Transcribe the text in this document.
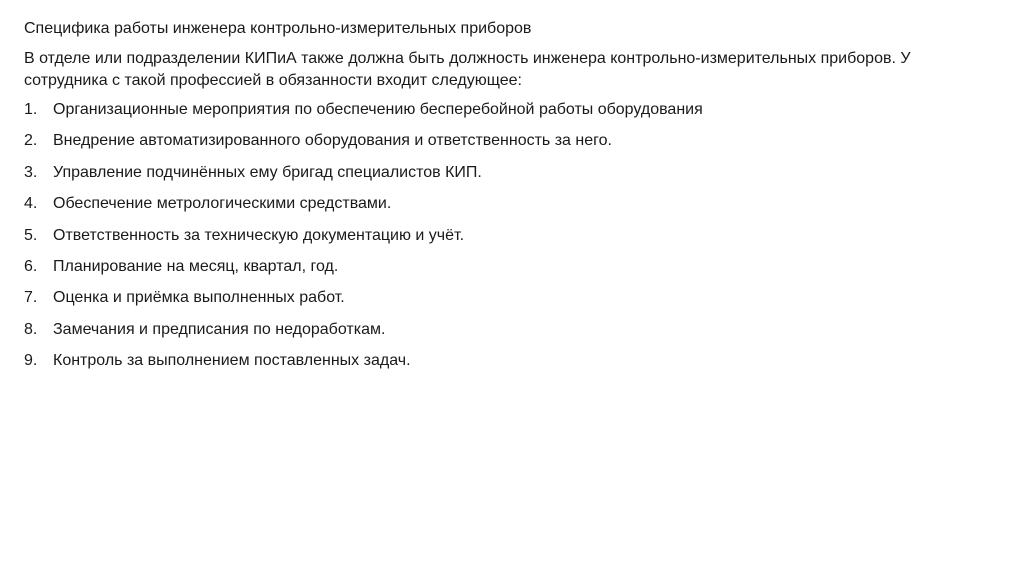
Специфика работы инженера контрольно-измерительных приборов
В отделе или подразделении КИПиА также должна быть должность инженера контрольно-измерительных приборов. У сотрудника с такой профессией в обязанности входит следующее:
1. Организационные мероприятия по обеспечению бесперебойной работы оборудования
2. Внедрение автоматизированного оборудования и ответственность за него.
3. Управление подчинённых ему бригад специалистов КИП.
4. Обеспечение метрологическими средствами.
5. Ответственность за техническую документацию и учёт.
6. Планирование на месяц, квартал, год.
7. Оценка и приёмка выполненных работ.
8. Замечания и предписания по недоработкам.
9. Контроль за выполнением поставленных задач.
